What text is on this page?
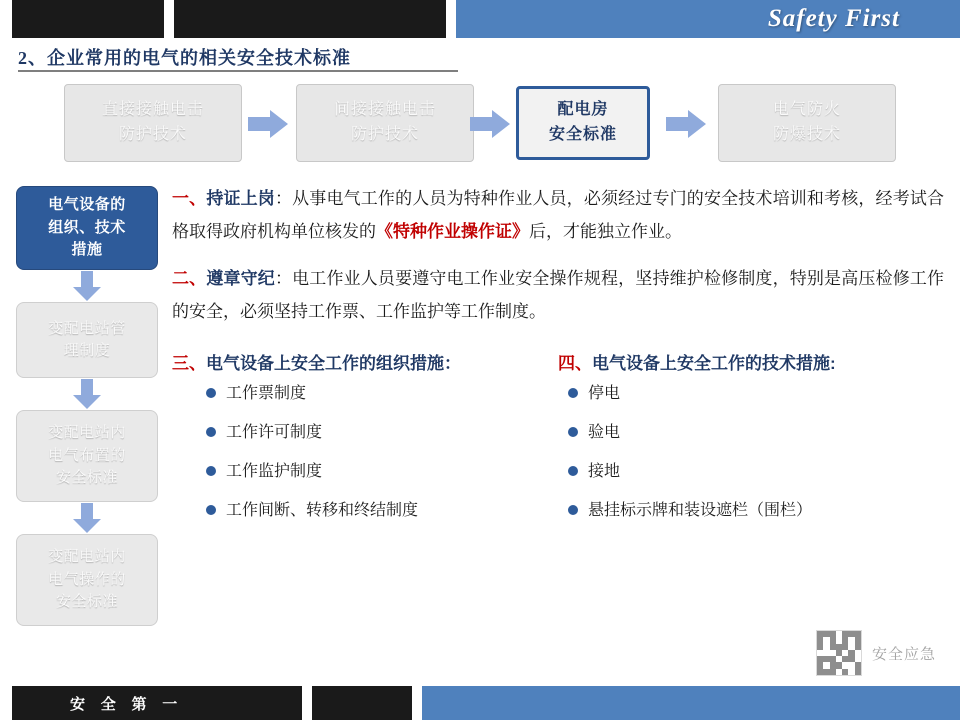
Safety First
2、企业常用的电气的相关安全技术标准
直接接触电击
防护技术
间接接触电击
防护技术
配电房
安全标准
电气防火
防爆技术
电气设备的
组织、技术
措施
变配电站管
理制度
变配电站内
电气布置的
安全标准
变配电站内
电气操作的
安全标准
一、持证上岗：从事电气工作的人员为特种作业人员，必须经过专门的安全技术培训和考核，经考试合格取得政府机构单位核发的《特种作业操作证》后，才能独立作业。
二、遵章守纪：电工作业人员要遵守电工作业安全操作规程，坚持维护检修制度，特别是高压检修工作的安全，必须坚持工作票、工作监护等工作制度。
三、电气设备上安全工作的组织措施：
工作票制度
工作许可制度
工作监护制度
工作间断、转移和终结制度
四、电气设备上安全工作的技术措施:
停电
验电
接地
悬挂标示牌和装设遮栏（围栏）
安全应急
安 全 第 一
